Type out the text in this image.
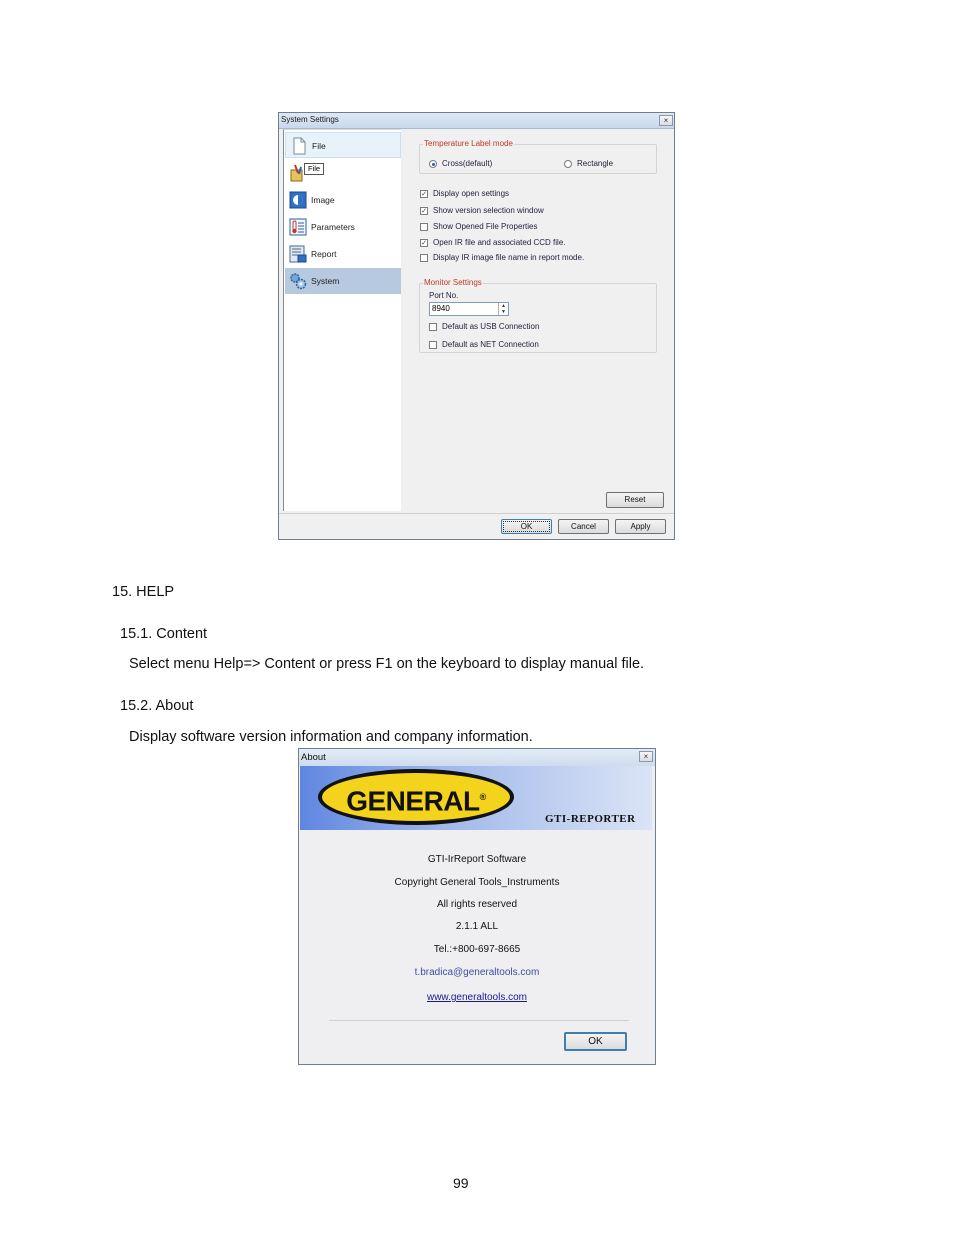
System Settings	×
File
File
Image
Parameters
Report
System
Temperature Label mode
Cross(default)	Rectangle
✓ Display open settings
✓ Show version selection window
Show Opened File Properties
✓ Open IR file and associated CCD file.
Display IR image file name in report mode.
Monitor Settings
Port No.
Default as USB Connection
Default as NET Connection
8940	▲
▼
Reset
OK	Cancel	Apply
15. HELP
15.1. Content
Select menu Help=> Content or press F1 on the keyboard to display manual file.
15.2. About
Display software version information and company information.
99
About	×
GENERAL®
GTI-REPORTER
GTI-IrReport Software
Copyright General Tools_Instruments
All rights reserved
2.1.1 ALL
Tel.:+800-697-8665
t.bradica@generaltools.com
www.generaltools.com
OK
